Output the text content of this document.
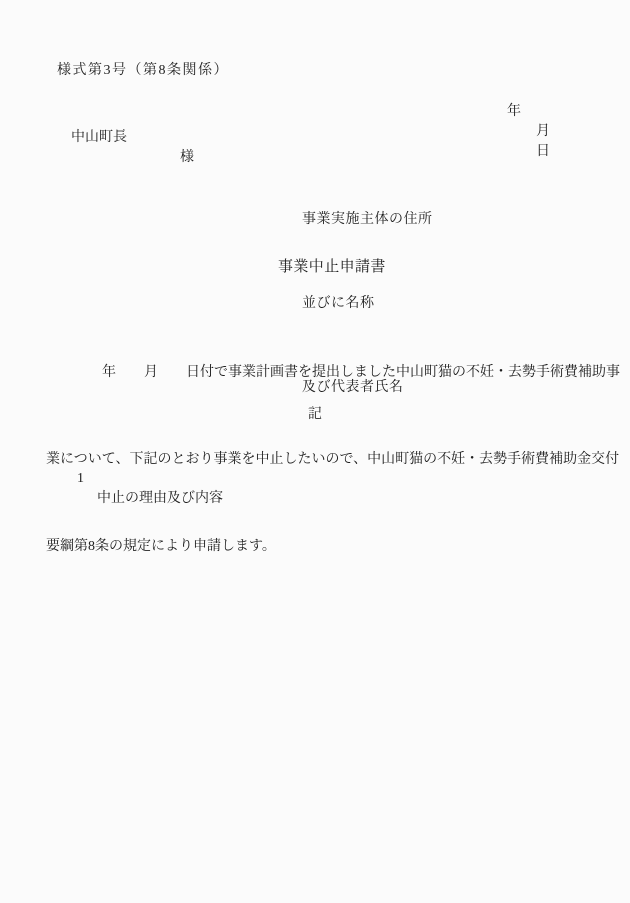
様式第3号（第8条関係）

年
月
日

中山町長
様

事業実施主体の住所

並びに名称

及び代表者氏名

事業中止申請書

　　　　年　　月　　日付で事業計画書を提出しました中山町猫の不妊・去勢手術費補助事

業について、下記のとおり事業を中止したいので、中山町猫の不妊・去勢手術費補助金交付

要綱第8条の規定により申請します。

記

1
中止の理由及び内容
